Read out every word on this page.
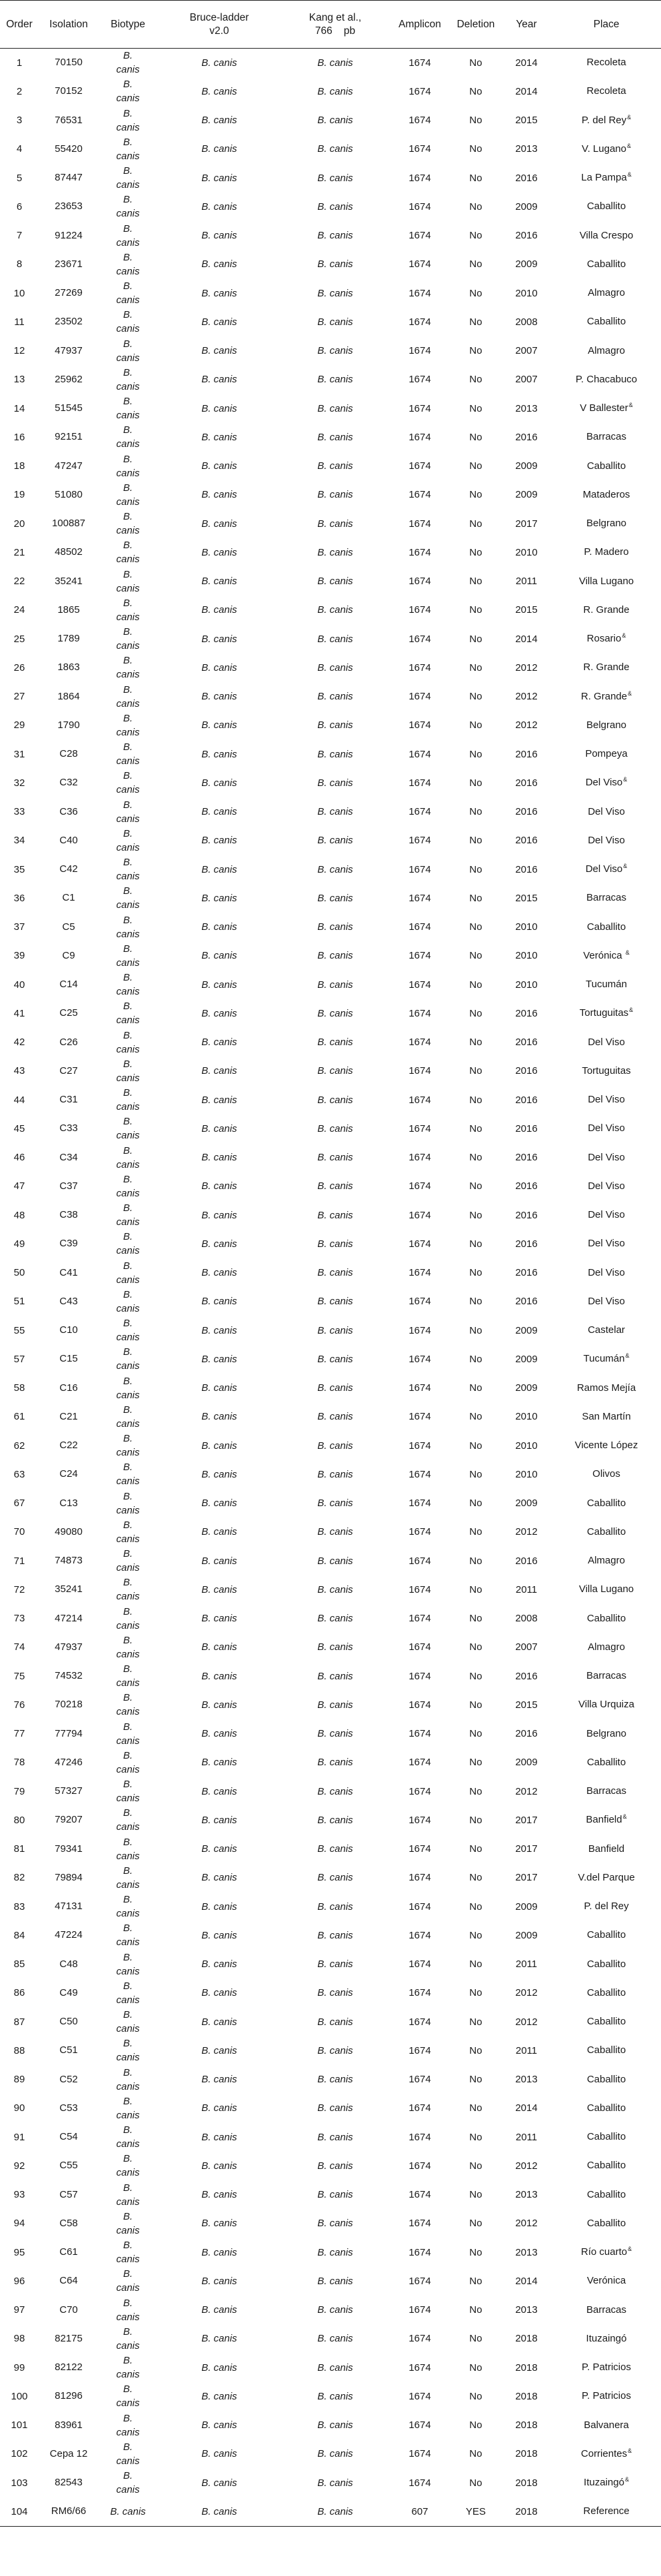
Order	Isolation	Biotype	Bruce-ladder v2.0	Kang et al.,
766    pb	Amplicon	Deletion	Year	Place
1	70150	B.
canis	B. canis	B. canis	1674	No	2014	Recoleta
2	70152	B.
canis	B. canis	B. canis	1674	No	2014	Recoleta
3	76531	B.
canis	B. canis	B. canis	1674	No	2015	P. del Rey&
4	55420	B.
canis	B. canis	B. canis	1674	No	2013	V. Lugano&
5	87447	B.
canis	B. canis	B. canis	1674	No	2016	La Pampa&
6	23653	B.
canis	B. canis	B. canis	1674	No	2009	Caballito
7	91224	B.
canis	B. canis	B. canis	1674	No	2016	Villa Crespo
8	23671	B.
canis	B. canis	B. canis	1674	No	2009	Caballito
10	27269	B.
canis	B. canis	B. canis	1674	No	2010	Almagro
11	23502	B.
canis	B. canis	B. canis	1674	No	2008	Caballito
12	47937	B.
canis	B. canis	B. canis	1674	No	2007	Almagro
13	25962	B.
canis	B. canis	B. canis	1674	No	2007	P. Chacabuco
14	51545	B.
canis	B. canis	B. canis	1674	No	2013	V Ballester&
16	92151	B.
canis	B. canis	B. canis	1674	No	2016	Barracas
18	47247	B.
canis	B. canis	B. canis	1674	No	2009	Caballito
19	51080	B.
canis	B. canis	B. canis	1674	No	2009	Mataderos
20	100887	B.
canis	B. canis	B. canis	1674	No	2017	Belgrano
21	48502	B.
canis	B. canis	B. canis	1674	No	2010	P. Madero
22	35241	B.
canis	B. canis	B. canis	1674	No	2011	Villa Lugano
24	1865	B.
canis	B. canis	B. canis	1674	No	2015	R. Grande
25	1789	B.
canis	B. canis	B. canis	1674	No	2014	Rosario&
26	1863	B.
canis	B. canis	B. canis	1674	No	2012	R. Grande
27	1864	B.
canis	B. canis	B. canis	1674	No	2012	R. Grande&
29	1790	B.
canis	B. canis	B. canis	1674	No	2012	Belgrano
31	C28	B.
canis	B. canis	B. canis	1674	No	2016	Pompeya
32	C32	B.
canis	B. canis	B. canis	1674	No	2016	Del Viso&
33	C36	B.
canis	B. canis	B. canis	1674	No	2016	Del Viso
34	C40	B.
canis	B. canis	B. canis	1674	No	2016	Del Viso
35	C42	B.
canis	B. canis	B. canis	1674	No	2016	Del Viso&
36	C1	B.
canis	B. canis	B. canis	1674	No	2015	Barracas
37	C5	B.
canis	B. canis	B. canis	1674	No	2010	Caballito
39	C9	B.
canis	B. canis	B. canis	1674	No	2010	Verónica &
40	C14	B.
canis	B. canis	B. canis	1674	No	2010	Tucumán
41	C25	B.
canis	B. canis	B. canis	1674	No	2016	Tortuguitas&
42	C26	B.
canis	B. canis	B. canis	1674	No	2016	Del Viso
43	C27	B.
canis	B. canis	B. canis	1674	No	2016	Tortuguitas
44	C31	B.
canis	B. canis	B. canis	1674	No	2016	Del Viso
45	C33	B.
canis	B. canis	B. canis	1674	No	2016	Del Viso
46	C34	B.
canis	B. canis	B. canis	1674	No	2016	Del Viso
47	C37	B.
canis	B. canis	B. canis	1674	No	2016	Del Viso
48	C38	B.
canis	B. canis	B. canis	1674	No	2016	Del Viso
49	C39	B.
canis	B. canis	B. canis	1674	No	2016	Del Viso
50	C41	B.
canis	B. canis	B. canis	1674	No	2016	Del Viso
51	C43	B.
canis	B. canis	B. canis	1674	No	2016	Del Viso
55	C10	B.
canis	B. canis	B. canis	1674	No	2009	Castelar
57	C15	B.
canis	B. canis	B. canis	1674	No	2009	Tucumán&
58	C16	B.
canis	B. canis	B. canis	1674	No	2009	Ramos Mejía
61	C21	B.
canis	B. canis	B. canis	1674	No	2010	San Martín
62	C22	B.
canis	B. canis	B. canis	1674	No	2010	Vicente López
63	C24	B.
canis	B. canis	B. canis	1674	No	2010	Olivos
67	C13	B.
canis	B. canis	B. canis	1674	No	2009	Caballito
70	49080	B.
canis	B. canis	B. canis	1674	No	2012	Caballito
71	74873	B.
canis	B. canis	B. canis	1674	No	2016	Almagro
72	35241	B.
canis	B. canis	B. canis	1674	No	2011	Villa Lugano
73	47214	B.
canis	B. canis	B. canis	1674	No	2008	Caballito
74	47937	B.
canis	B. canis	B. canis	1674	No	2007	Almagro
75	74532	B.
canis	B. canis	B. canis	1674	No	2016	Barracas
76	70218	B.
canis	B. canis	B. canis	1674	No	2015	Villa Urquiza
77	77794	B.
canis	B. canis	B. canis	1674	No	2016	Belgrano
78	47246	B.
canis	B. canis	B. canis	1674	No	2009	Caballito
79	57327	B.
canis	B. canis	B. canis	1674	No	2012	Barracas
80	79207	B.
canis	B. canis	B. canis	1674	No	2017	Banfield&
81	79341	B.
canis	B. canis	B. canis	1674	No	2017	Banfield
82	79894	B.
canis	B. canis	B. canis	1674	No	2017	V.del Parque
83	47131	B.
canis	B. canis	B. canis	1674	No	2009	P. del Rey
84	47224	B.
canis	B. canis	B. canis	1674	No	2009	Caballito
85	C48	B.
canis	B. canis	B. canis	1674	No	2011	Caballito
86	C49	B.
canis	B. canis	B. canis	1674	No	2012	Caballito
87	C50	B.
canis	B. canis	B. canis	1674	No	2012	Caballito
88	C51	B.
canis	B. canis	B. canis	1674	No	2011	Caballito
89	C52	B.
canis	B. canis	B. canis	1674	No	2013	Caballito
90	C53	B.
canis	B. canis	B. canis	1674	No	2014	Caballito
91	C54	B.
canis	B. canis	B. canis	1674	No	2011	Caballito
92	C55	B.
canis	B. canis	B. canis	1674	No	2012	Caballito
93	C57	B.
canis	B. canis	B. canis	1674	No	2013	Caballito
94	C58	B.
canis	B. canis	B. canis	1674	No	2012	Caballito
95	C61	B.
canis	B. canis	B. canis	1674	No	2013	Río cuarto&
96	C64	B.
canis	B. canis	B. canis	1674	No	2014	Verónica
97	C70	B.
canis	B. canis	B. canis	1674	No	2013	Barracas
98	82175	B.
canis	B. canis	B. canis	1674	No	2018	Ituzaingó
99	82122	B.
canis	B. canis	B. canis	1674	No	2018	P. Patricios
100	81296	B.
canis	B. canis	B. canis	1674	No	2018	P. Patricios
101	83961	B.
canis	B. canis	B. canis	1674	No	2018	Balvanera
102	Cepa 12	B.
canis	B. canis	B. canis	1674	No	2018	Corrientes&
103	82543	B.
canis	B. canis	B. canis	1674	No	2018	Ituzaingó&
104	RM6/66	B. canis	B. canis	B. canis	607	YES	2018	Reference
